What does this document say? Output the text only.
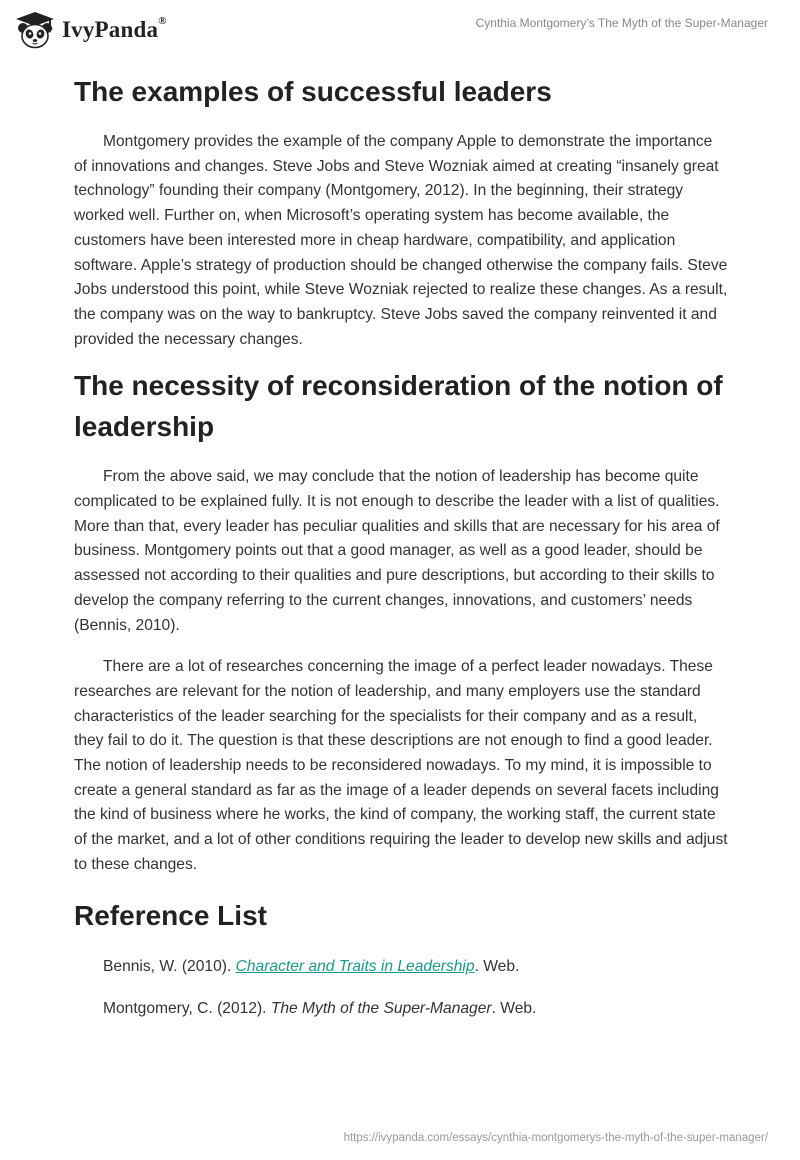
IvyPanda®	Cynthia Montgomery’s The Myth of the Super-Manager
The examples of successful leaders

Montgomery provides the example of the company Apple to demonstrate the importance of innovations and changes. Steve Jobs and Steve Wozniak aimed at creating “insanely great technology” founding their company (Montgomery, 2012). In the beginning, their strategy worked well. Further on, when Microsoft’s operating system has become available, the customers have been interested more in cheap hardware, compatibility, and application software. Apple’s strategy of production should be changed otherwise the company fails. Steve Jobs understood this point, while Steve Wozniak rejected to realize these changes. As a result, the company was on the way to bankruptcy. Steve Jobs saved the company reinvented it and provided the necessary changes.

The necessity of reconsideration of the notion of leadership

From the above said, we may conclude that the notion of leadership has become quite complicated to be explained fully. It is not enough to describe the leader with a list of qualities. More than that, every leader has peculiar qualities and skills that are necessary for his area of business. Montgomery points out that a good manager, as well as a good leader, should be assessed not according to their qualities and pure descriptions, but according to their skills to develop the company referring to the current changes, innovations, and customers’ needs (Bennis, 2010).

There are a lot of researches concerning the image of a perfect leader nowadays. These researches are relevant for the notion of leadership, and many employers use the standard characteristics of the leader searching for the specialists for their company and as a result, they fail to do it. The question is that these descriptions are not enough to find a good leader. The notion of leadership needs to be reconsidered nowadays. To my mind, it is impossible to create a general standard as far as the image of a leader depends on several facets including the kind of business where he works, the kind of company, the working staff, the current state of the market, and a lot of other conditions requiring the leader to develop new skills and adjust to these changes.

Reference List
Bennis, W. (2010). Character and Traits in Leadership. Web.
Montgomery, C. (2012). The Myth of the Super-Manager. Web.
https://ivypanda.com/essays/cynthia-montgomerys-the-myth-of-the-super-manager/
